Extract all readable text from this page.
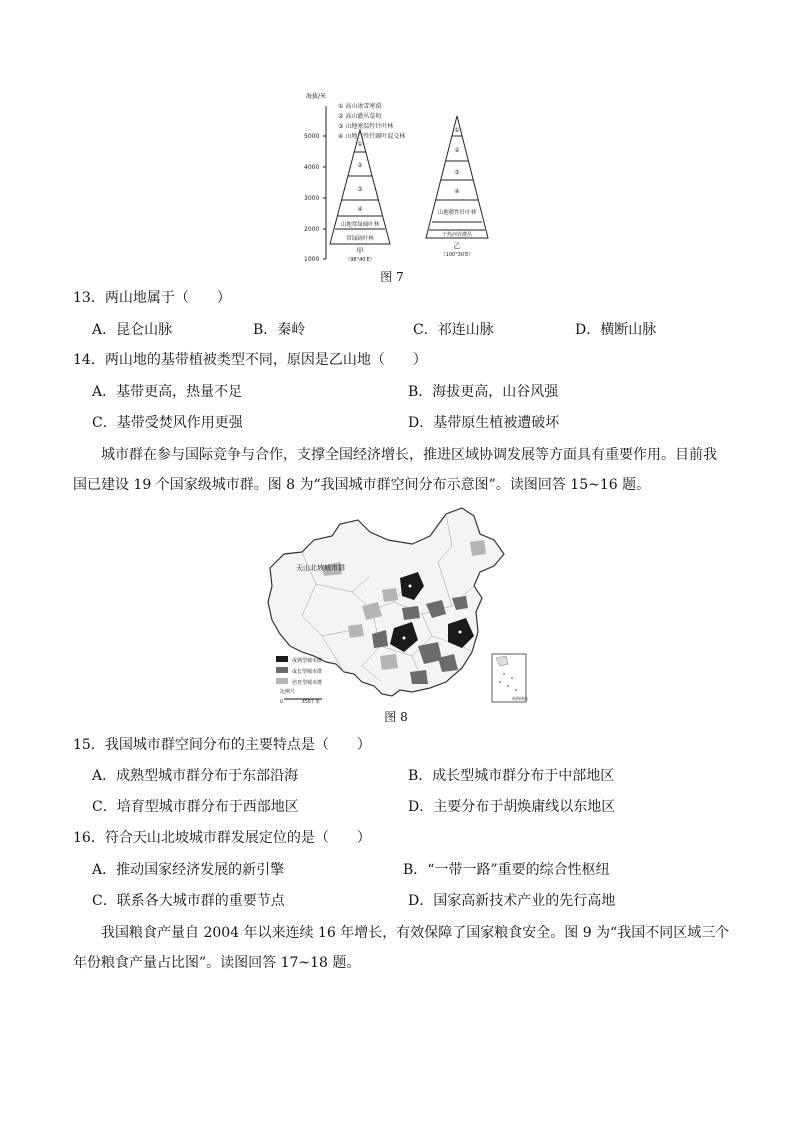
海拔/米
5000
4000
3000
2000
1000
① 高山冰雪寒漠
② 高山灌丛草甸
③ 山地寒温性针叶林
④ 山地温性针阔叶混交林
①
②
③
④
山地常绿阔叶林
常绿阔叶林
甲
（98°40′E）
①
②
③
④
山地暖性针叶林
干热河谷灌丛
乙
（100°30′E）
图 7
13．两山地属于（　　）
A．昆仑山脉	B．秦岭	C．祁连山脉	D．横断山脉
14．两山地的基带植被类型不同，原因是乙山地（　　）
A．基带更高，热量不足	B．海拔更高，山谷风强
C．基带受焚风作用更强	D．基带原生植被遭破坏
城市群在参与国际竞争与合作，支撑全国经济增长，推进区域协调发展等方面具有重要作用。目前我
国已建设 19 个国家级城市群。图 8 为“我国城市群空间分布示意图”。读图回答 15~16 题。
天山北坡城市群
成熟型城市群
成长型城市群
培育型城市群
比例尺
0	450千米
南海诸岛
图 8
15．我国城市群空间分布的主要特点是（　　）
A．成熟型城市群分布于东部沿海	B．成长型城市群分布于中部地区
C．培育型城市群分布于西部地区	D．主要分布于胡焕庸线以东地区
16．符合天山北坡城市群发展定位的是（　　）
A．推动国家经济发展的新引擎	B．“一带一路”重要的综合性枢纽
C．联系各大城市群的重要节点	D．国家高新技术产业的先行高地
我国粮食产量自 2004 年以来连续 16 年增长，有效保障了国家粮食安全。图 9 为“我国不同区域三个
年份粮食产量占比图”。读图回答 17~18 题。
